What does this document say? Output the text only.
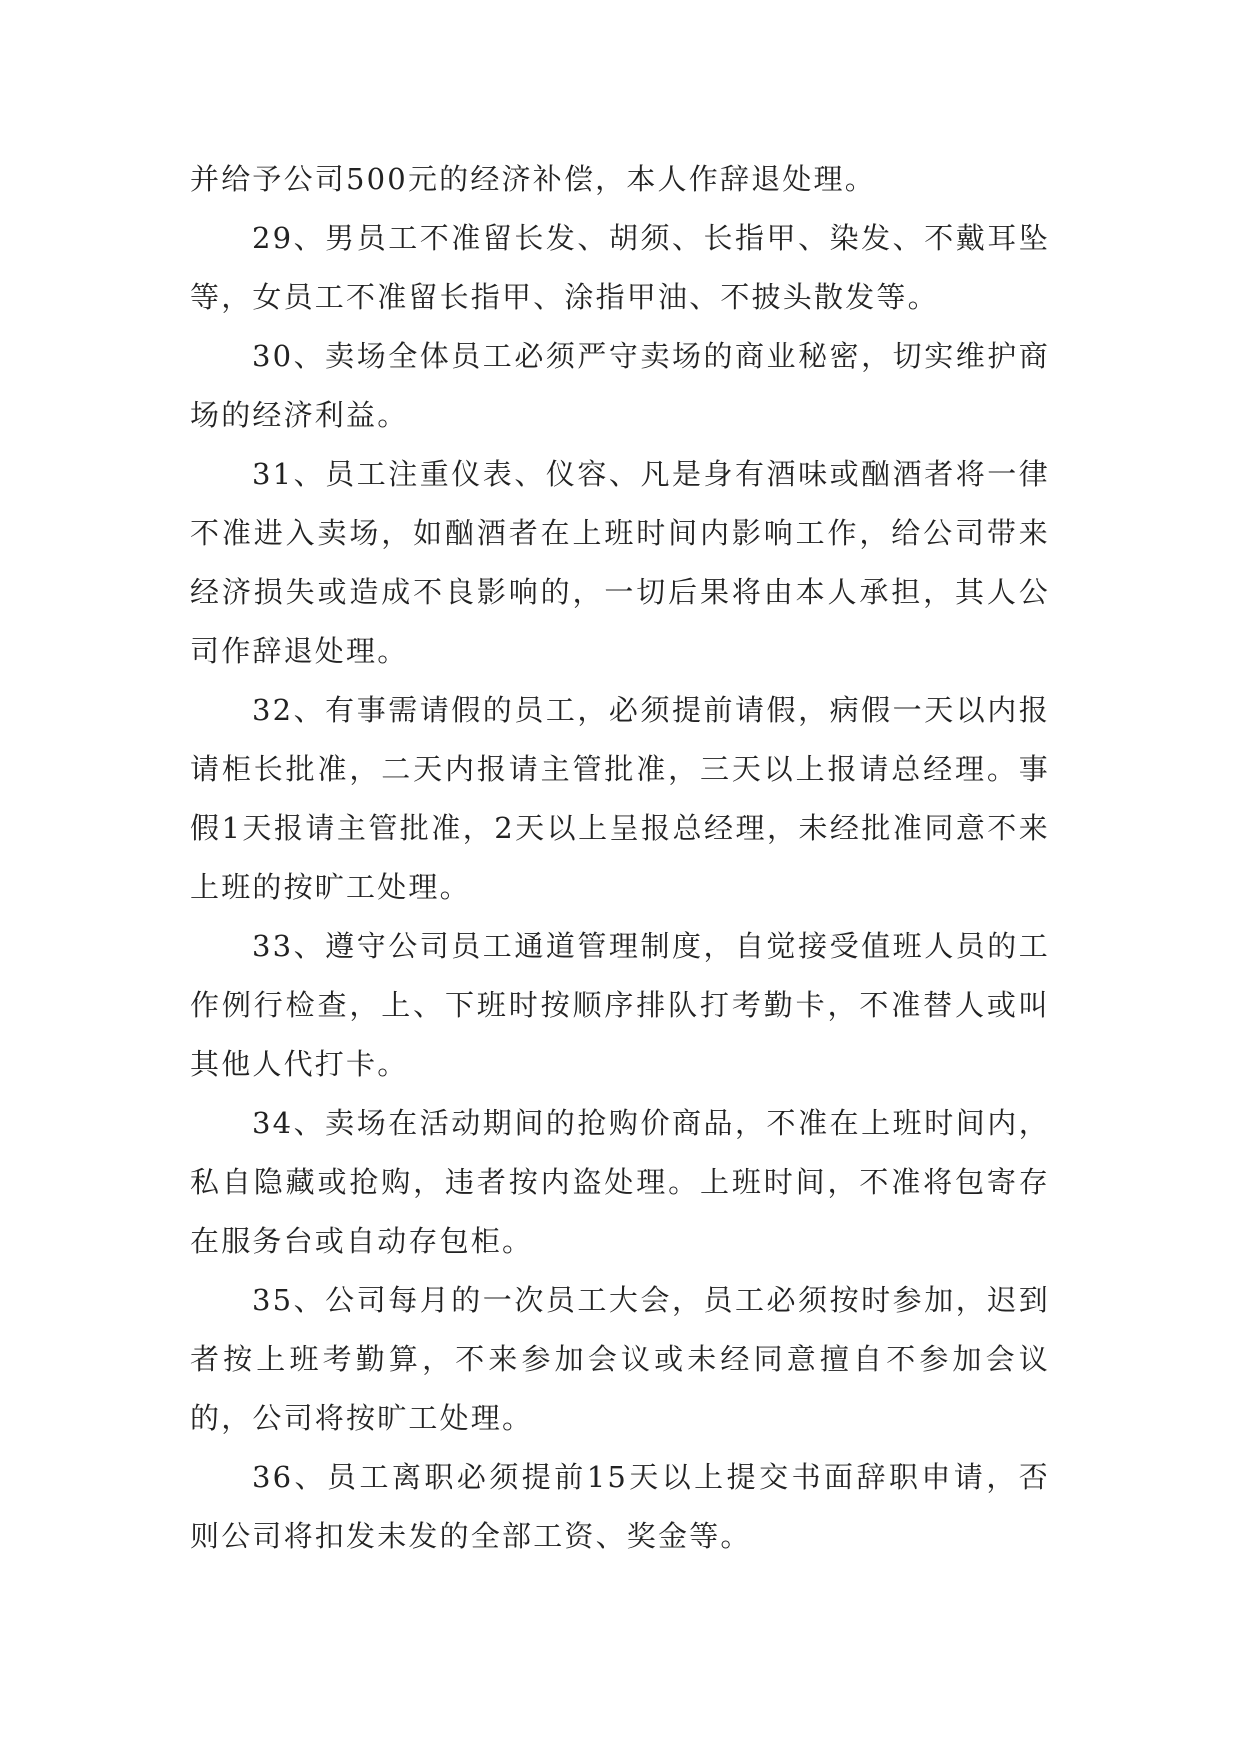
并给予公司500元的经济补偿，本人作辞退处理。

29、男员工不准留长发、胡须、长指甲、染发、不戴耳坠等，女员工不准留长指甲、涂指甲油、不披头散发等。

30、卖场全体员工必须严守卖场的商业秘密，切实维护商场的经济利益。

31、员工注重仪表、仪容、凡是身有酒味或酗酒者将一律不准进入卖场，如酗酒者在上班时间内影响工作，给公司带来经济损失或造成不良影响的，一切后果将由本人承担，其人公司作辞退处理。

32、有事需请假的员工，必须提前请假，病假一天以内报请柜长批准，二天内报请主管批准，三天以上报请总经理。事假1天报请主管批准，2天以上呈报总经理，未经批准同意不来上班的按旷工处理。

33、遵守公司员工通道管理制度，自觉接受值班人员的工作例行检查，上、下班时按顺序排队打考勤卡，不准替人或叫其他人代打卡。

34、卖场在活动期间的抢购价商品，不准在上班时间内，私自隐藏或抢购，违者按内盗处理。上班时间，不准将包寄存在服务台或自动存包柜。

35、公司每月的一次员工大会，员工必须按时参加，迟到者按上班考勤算，不来参加会议或未经同意擅自不参加会议的，公司将按旷工处理。

36、员工离职必须提前15天以上提交书面辞职申请，否则公司将扣发未发的全部工资、奖金等。
